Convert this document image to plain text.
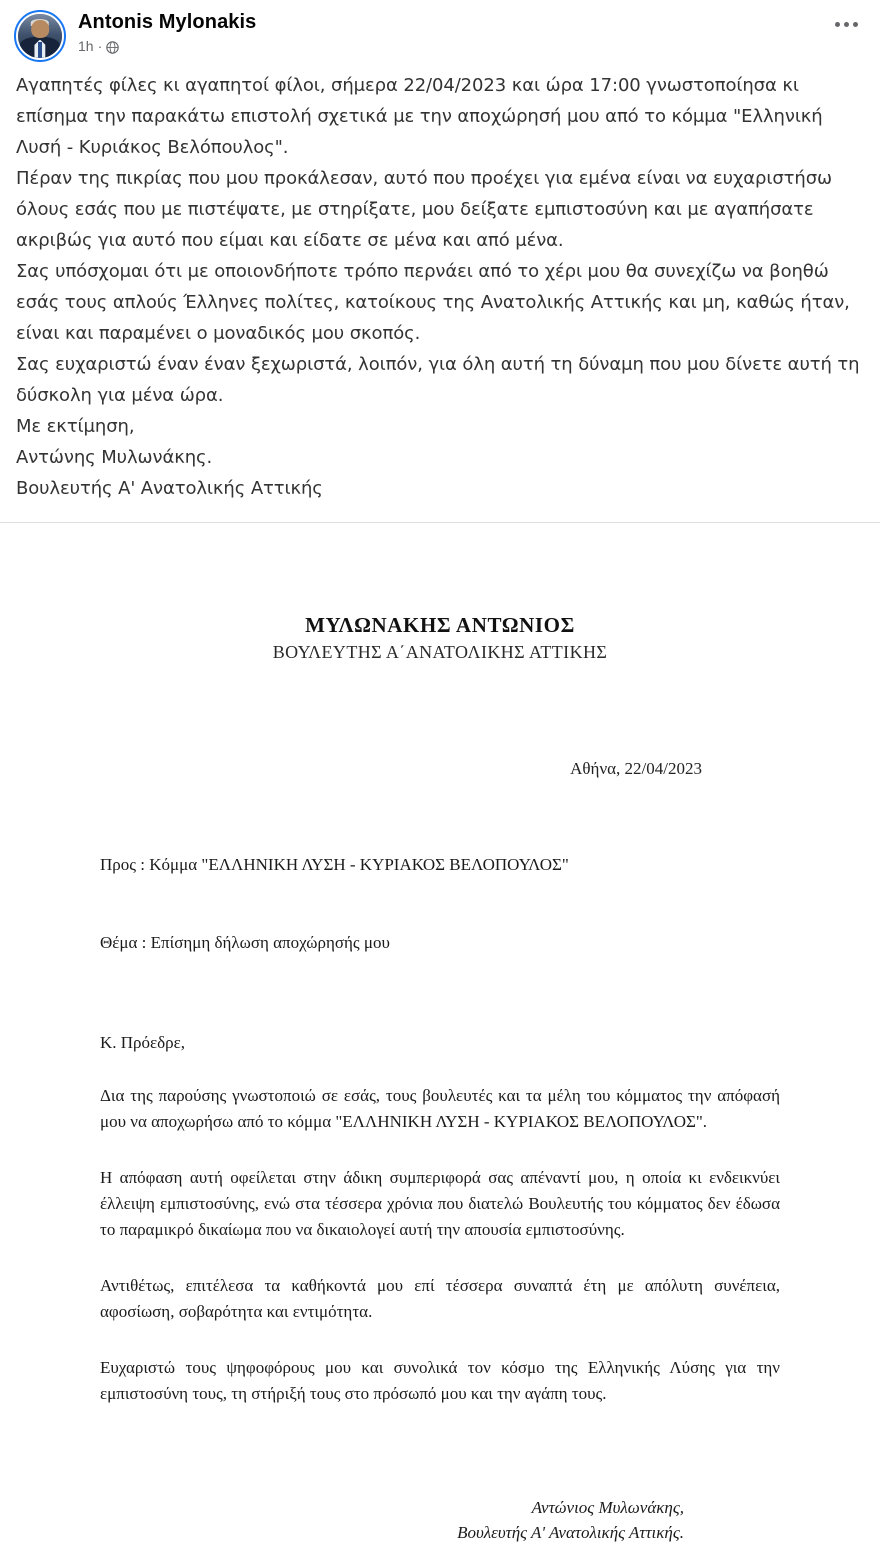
Antonis Mylonakis
1h ·

Αγαπητές φίλες κι αγαπητοί φίλοι, σήμερα 22/04/2023 και ώρα 17:00 γνωστοποίησα κι επίσημα την παρακάτω επιστολή σχετικά με την αποχώρησή μου από το κόμμα "Ελληνική Λυσή - Κυριάκος Βελόπουλος".

Πέραν της πικρίας που μου προκάλεσαν, αυτό που προέχει για εμένα είναι να ευχαριστήσω όλους εσάς που με πιστέψατε, με στηρίξατε, μου δείξατε εμπιστοσύνη και με αγαπήσατε ακριβώς για αυτό που είμαι και είδατε σε μένα και από μένα.

Σας υπόσχομαι ότι με οποιονδήποτε τρόπο περνάει από το χέρι μου θα συνεχίζω να βοηθώ εσάς τους απλούς Έλληνες πολίτες, κατοίκους της Ανατολικής Αττικής και μη, καθώς ήταν, είναι και παραμένει ο μοναδικός μου σκοπός.

Σας ευχαριστώ έναν έναν ξεχωριστά, λοιπόν, για όλη αυτή τη δύναμη που μου δίνετε αυτή τη δύσκολη για μένα ώρα.

Με εκτίμηση,

Αντώνης Μυλωνάκης.

Βουλευτής Α' Ανατολικής Αττικής

ΜΥΛΩΝΑΚΗΣ ΑΝΤΩΝΙΟΣ
ΒΟΥΛΕΥΤΗΣ Α΄ΑΝΑΤΟΛΙΚΗΣ ΑΤΤΙΚΗΣ
Αθήνα, 22/04/2023
Προς : Κόμμα "ΕΛΛΗΝΙΚΗ ΛΥΣΗ - ΚΥΡΙΑΚΟΣ ΒΕΛΟΠΟΥΛΟΣ"
Θέμα : Επίσημη δήλωση αποχώρησής μου
Κ. Πρόεδρε,

Δια της παρούσης γνωστοποιώ σε εσάς, τους βουλευτές και τα μέλη του κόμματος την απόφασή μου να αποχωρήσω από το κόμμα "ΕΛΛΗΝΙΚΗ ΛΥΣΗ - ΚΥΡΙΑΚΟΣ ΒΕΛΟΠΟΥΛΟΣ".

Η απόφαση αυτή οφείλεται στην άδικη συμπεριφορά σας απέναντί μου, η οποία κι ενδεικνύει έλλειψη εμπιστοσύνης, ενώ στα τέσσερα χρόνια που διατελώ Βουλευτής του κόμματος δεν έδωσα το παραμικρό δικαίωμα που να δικαιολογεί αυτή την απουσία εμπιστοσύνης.

Αντιθέτως, επιτέλεσα τα καθήκοντά μου επί τέσσερα συναπτά έτη με απόλυτη συνέπεια, αφοσίωση, σοβαρότητα και εντιμότητα.

Ευχαριστώ τους ψηφοφόρους μου και συνολικά τον κόσμο της Ελληνικής Λύσης για την εμπιστοσύνη τους, τη στήριξή τους στο πρόσωπό μου και την αγάπη τους.

Αντώνιος Μυλωνάκης,
Βουλευτής Α' Ανατολικής Αττικής.
